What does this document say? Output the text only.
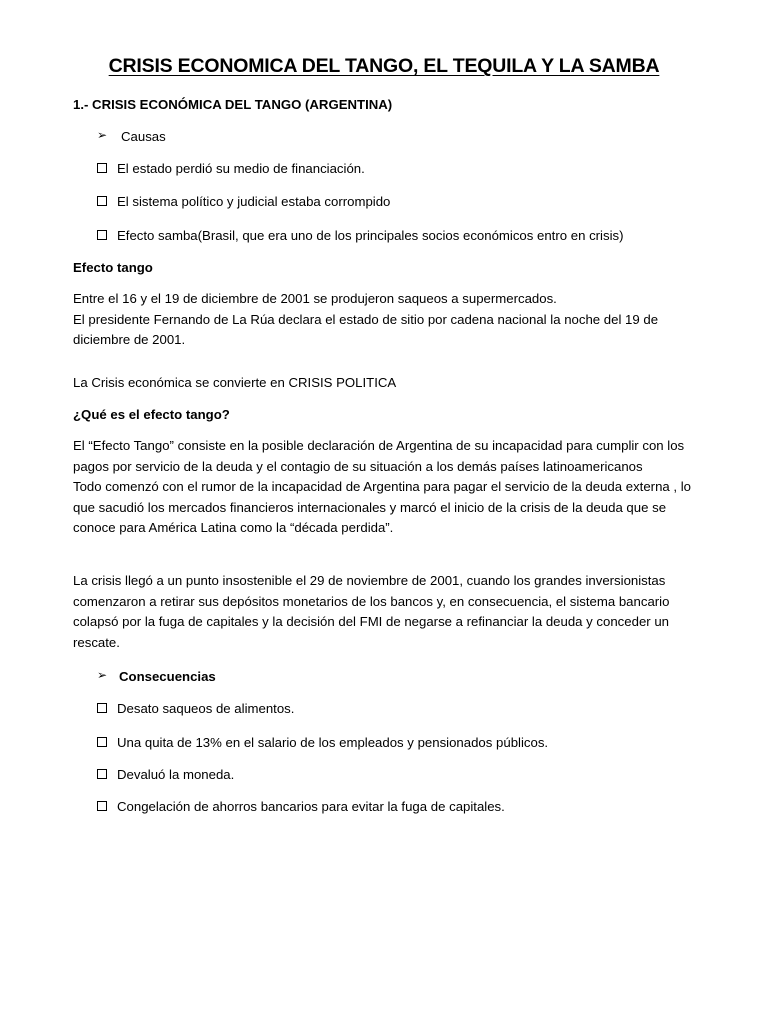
CRISIS ECONOMICA DEL TANGO, EL TEQUILA Y LA SAMBA
1.- CRISIS ECONÓMICA DEL TANGO (ARGENTINA)
➢	Causas
El estado perdió su medio de financiación.
El sistema político y judicial estaba corrompido
Efecto samba(Brasil, que era uno de los principales socios económicos entro en crisis)
Efecto tango

Entre el 16 y el 19 de diciembre de 2001 se produjeron saqueos a supermercados.

El presidente Fernando de La Rúa declara el estado de sitio por cadena nacional la noche del 19 de diciembre de 2001.

La Crisis económica se convierte en CRISIS POLITICA
¿Qué es el efecto tango?

El “Efecto Tango” consiste en la posible declaración de Argentina de su incapacidad para cumplir con los pagos por servicio de la deuda y el contagio de su situación a los demás países latinoamericanos

Todo comenzó con el rumor de la incapacidad de Argentina para pagar el servicio de la deuda externa , lo que sacudió los mercados financieros internacionales y marcó el inicio de la crisis de la deuda que se conoce para América Latina como la “década perdida”.

La crisis llegó a un punto insostenible el 29 de noviembre de 2001, cuando los grandes inversionistas comenzaron a retirar sus depósitos monetarios de los bancos y, en consecuencia, el sistema bancario colapsó por la fuga de capitales y la decisión del FMI de negarse a refinanciar la deuda y conceder un rescate.
➢ Consecuencias
Desato saqueos de alimentos.
Una quita de 13% en el salario de los empleados y pensionados públicos.
Devaluó la moneda.
Congelación de ahorros bancarios para evitar la fuga de capitales.
